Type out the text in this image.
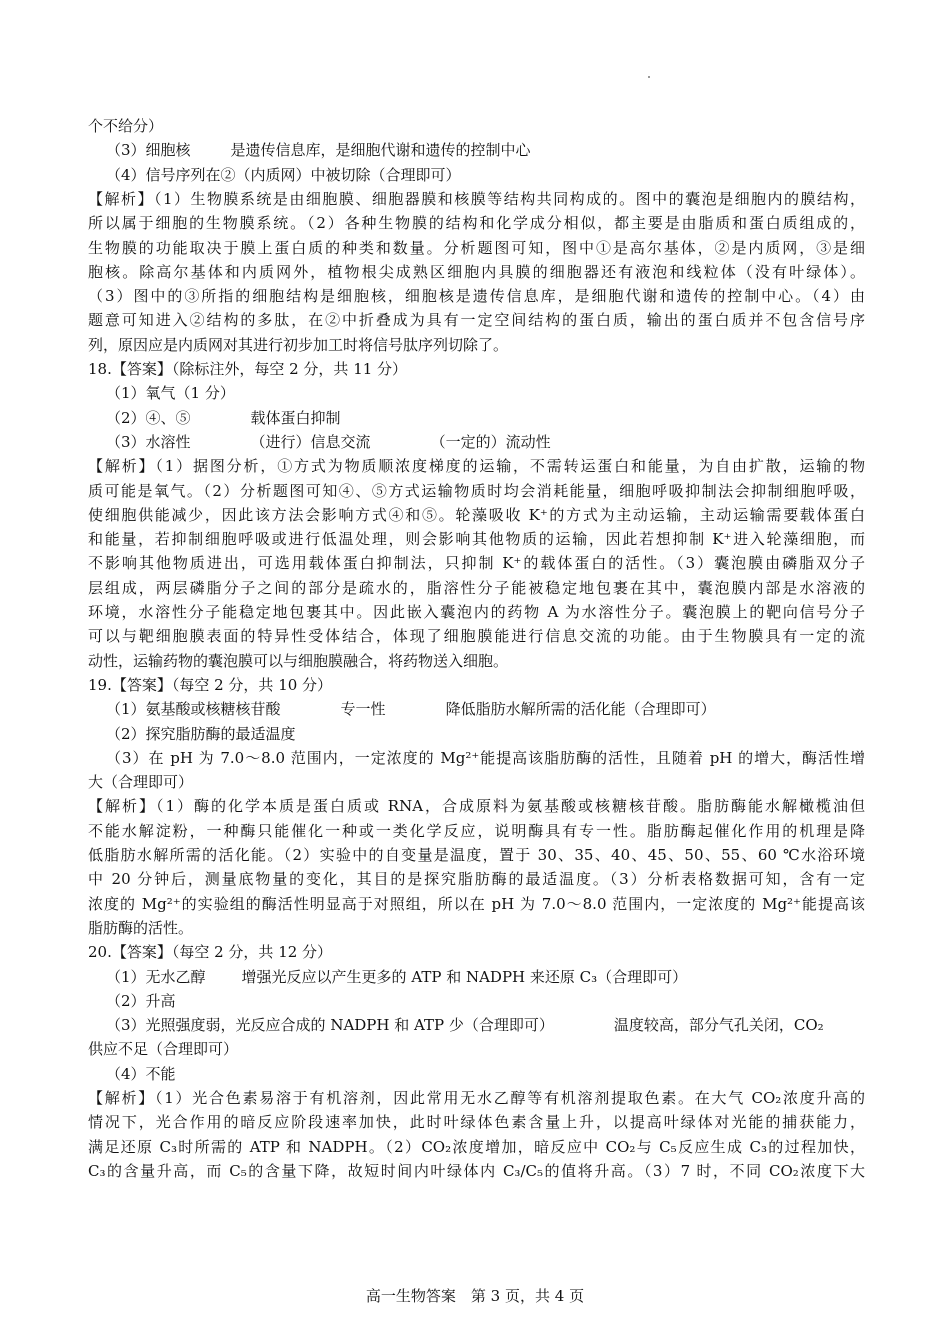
个不给分）
（3）细胞核	是遗传信息库，是细胞代谢和遗传的控制中心
（4）信号序列在②（内质网）中被切除（合理即可）
【解析】（1）生物膜系统是由细胞膜、细胞器膜和核膜等结构共同构成的。图中的囊泡是细胞内的膜结构，
所以属于细胞的生物膜系统。（2）各种生物膜的结构和化学成分相似，都主要是由脂质和蛋白质组成的，
生物膜的功能取决于膜上蛋白质的种类和数量。分析题图可知，图中①是高尔基体，②是内质网，③是细
胞核。除高尔基体和内质网外，植物根尖成熟区细胞内具膜的细胞器还有液泡和线粒体（没有叶绿体）。
（3）图中的③所指的细胞结构是细胞核，细胞核是遗传信息库，是细胞代谢和遗传的控制中心。（4）由
题意可知进入②结构的多肽，在②中折叠成为具有一定空间结构的蛋白质，输出的蛋白质并不包含信号序
列，原因应是内质网对其进行初步加工时将信号肽序列切除了。
18.【答案】（除标注外，每空 2 分，共 11 分）
（1）氧气（1 分）
（2）④、⑤	载体蛋白抑制
（3）水溶性	（进行）信息交流	（一定的）流动性
【解析】（1）据图分析，①方式为物质顺浓度梯度的运输，不需转运蛋白和能量，为自由扩散，运输的物
质可能是氧气。（2）分析题图可知④、⑤方式运输物质时均会消耗能量，细胞呼吸抑制法会抑制细胞呼吸，
使细胞供能减少，因此该方法会影响方式④和⑤。轮藻吸收 K⁺的方式为主动运输，主动运输需要载体蛋白
和能量，若抑制细胞呼吸或进行低温处理，则会影响其他物质的运输，因此若想抑制 K⁺进入轮藻细胞，而
不影响其他物质进出，可选用载体蛋白抑制法，只抑制 K⁺的载体蛋白的活性。（3）囊泡膜由磷脂双分子
层组成，两层磷脂分子之间的部分是疏水的，脂溶性分子能被稳定地包裹在其中，囊泡膜内部是水溶液的
环境，水溶性分子能稳定地包裹其中。因此嵌入囊泡内的药物 A 为水溶性分子。囊泡膜上的靶向信号分子
可以与靶细胞膜表面的特异性受体结合，体现了细胞膜能进行信息交流的功能。由于生物膜具有一定的流
动性，运输药物的囊泡膜可以与细胞膜融合，将药物送入细胞。
19.【答案】（每空 2 分，共 10 分）
（1）氨基酸或核糖核苷酸	专一性	降低脂肪水解所需的活化能（合理即可）
（2）探究脂肪酶的最适温度
（3）在 pH 为 7.0～8.0 范围内，一定浓度的 Mg²⁺能提高该脂肪酶的活性，且随着 pH 的增大，酶活性增
大（合理即可）
【解析】（1）酶的化学本质是蛋白质或 RNA，合成原料为氨基酸或核糖核苷酸。脂肪酶能水解橄榄油但
不能水解淀粉，一种酶只能催化一种或一类化学反应，说明酶具有专一性。脂肪酶起催化作用的机理是降
低脂肪水解所需的活化能。（2）实验中的自变量是温度，置于 30、35、40、45、50、55、60 ℃水浴环境
中 20 分钟后，测量底物量的变化，其目的是探究脂肪酶的最适温度。（3）分析表格数据可知，含有一定
浓度的 Mg²⁺的实验组的酶活性明显高于对照组，所以在 pH 为 7.0～8.0 范围内，一定浓度的 Mg²⁺能提高该
脂肪酶的活性。
20.【答案】（每空 2 分，共 12 分）
（1）无水乙醇 增强光反应以产生更多的 ATP 和 NADPH 来还原 C₃（合理即可）
（2）升高
（3）光照强度弱，光反应合成的 NADPH 和 ATP 少（合理即可）	温度较高，部分气孔关闭，CO₂
供应不足（合理即可）
（4）不能
【解析】（1）光合色素易溶于有机溶剂，因此常用无水乙醇等有机溶剂提取色素。在大气 CO₂浓度升高的
情况下，光合作用的暗反应阶段速率加快，此时叶绿体色素含量上升，以提高叶绿体对光能的捕获能力，
满足还原 C₃时所需的 ATP 和 NADPH。（2）CO₂浓度增加，暗反应中 CO₂与 C₅反应生成 C₃的过程加快，
C₃的含量升高，而 C₅的含量下降，故短时间内叶绿体内 C₃/C₅的值将升高。（3）7 时，不同 CO₂浓度下大
高一生物答案　第 3 页，共 4 页
